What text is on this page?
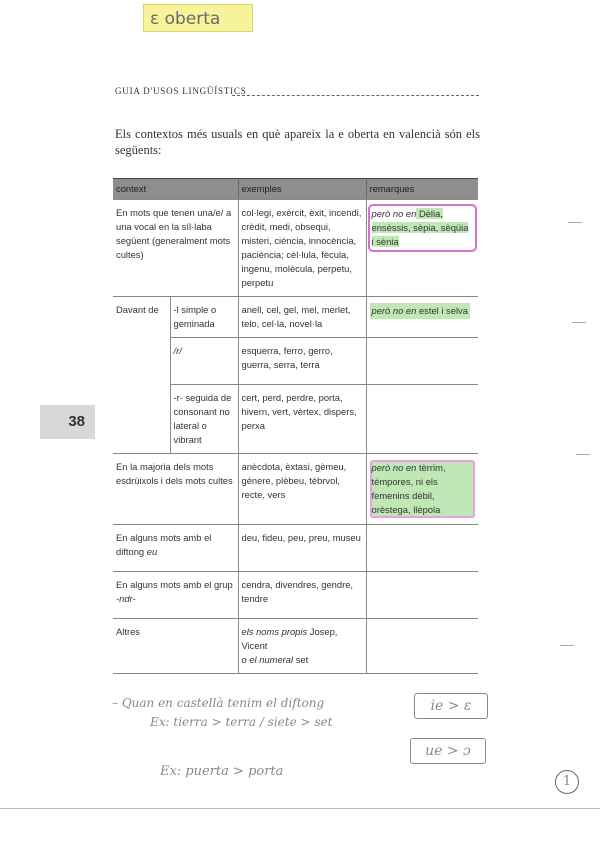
ɛ oberta
GUIA D'USOS LINGÜÍSTICS
Els contextos més usuals en què apareix la e oberta en valencià són els següents:
38
context		exemples	remarques
En mots que tenen una/e/ a una vocal en la síl·laba següent (generalment mots cultes)		col·legi, exèrcit, èxit, incendi, crèdit, medi, obsequi, misteri, ciència, innocència, paciència; cèl·lula, fècula, ingenu, molècula, perpetu, perpetu	però no en Dèlia, ensèssis, sèpia, sèqüia i sènia

Davant de	-l simple o geminada	anell, cel, gel, mel, merlet, telo, cel·la, novel·la	però no en estel i selva
	/r/	esquerra, ferro, gerro, guerra, serra, terra	
	-r- seguida de consonant no lateral o vibrant	cert, perd, perdre, porta, hivern, vert, vèrtex, dispers, perxa	
En la majoria dels mots esdrúixols i dels mots cultes		anècdota, èxtasi, gèmeu, gènere, plèbeu, tèbrvol, recte, vers	però no en tèrrim, témpores, ni els femenins dèbil, orèstega, llèpola

En alguns mots amb el diftong eu		deu, fideu, peu, preu, museu	
En alguns mots amb el grup -ndr-		cendra, divendres, gendre, tendre	
Altres		els noms propis Josep, Vicent
o el numeral set	
– Quan en castellà tenim el diftong
Ex: tierra > terra / siete > set
Ex: puerta > porta
ie > ɛ
ue > ɔ
1
